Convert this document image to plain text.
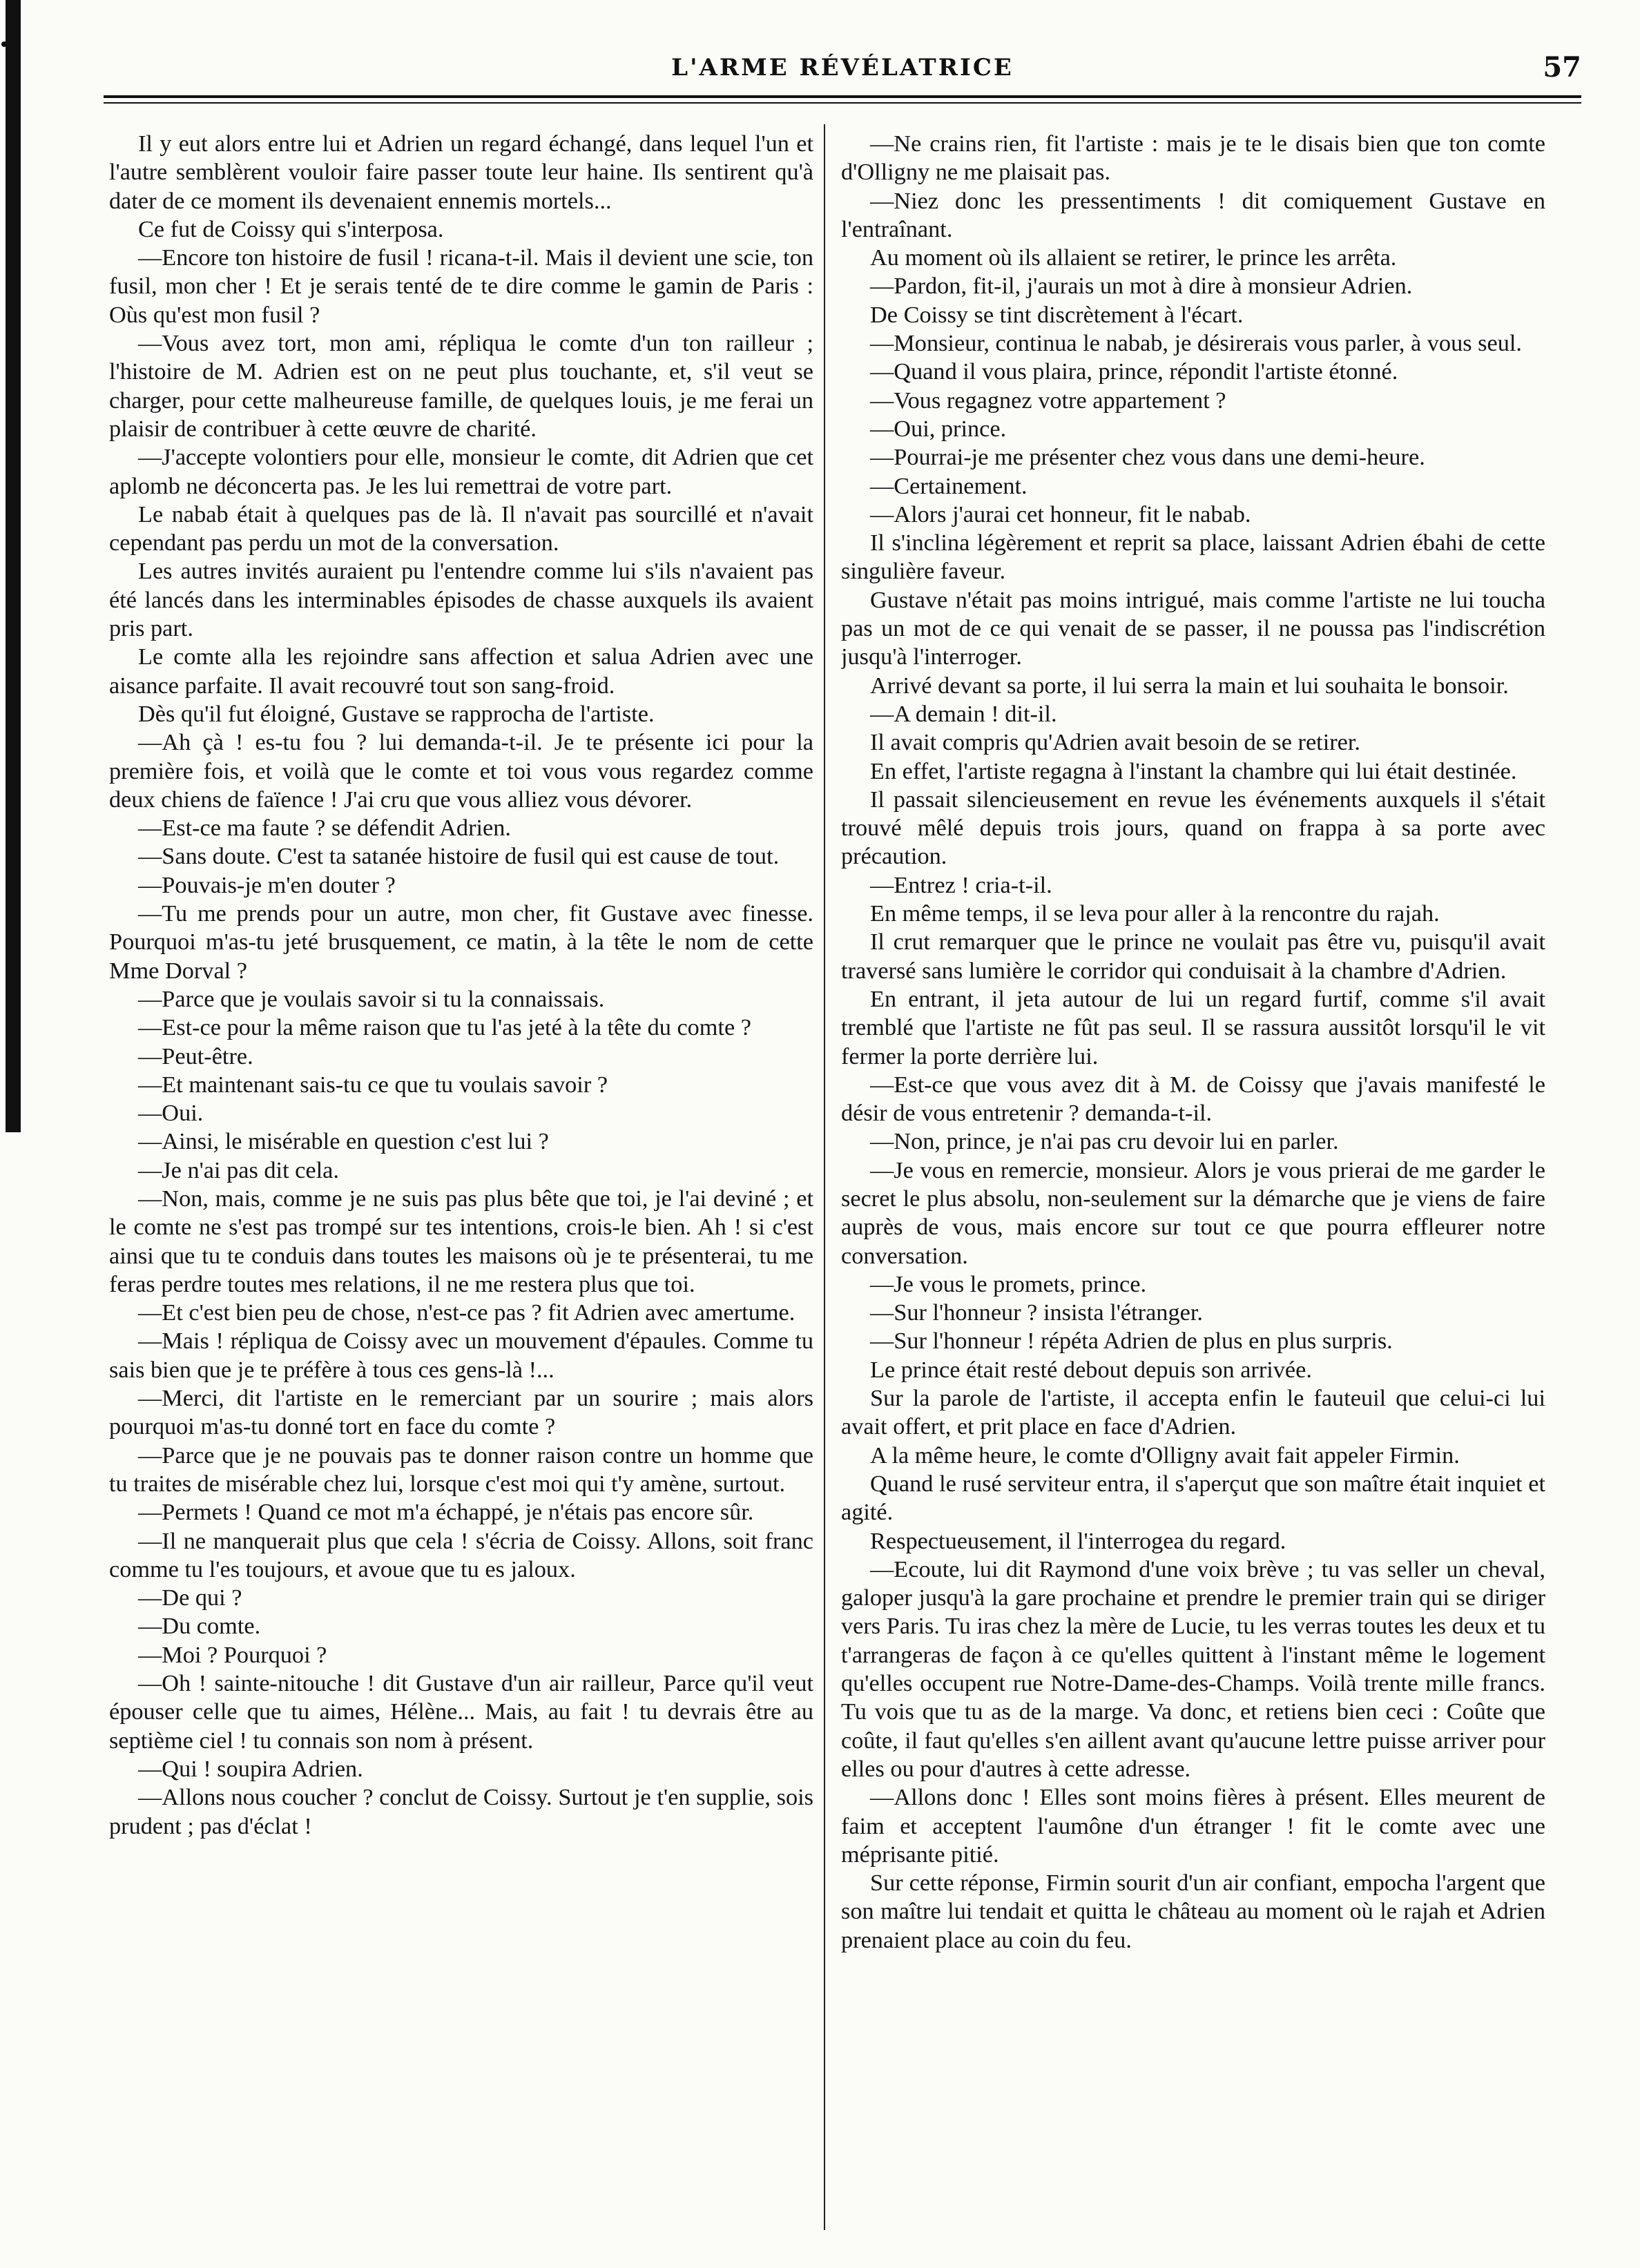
L'ARME RÉVÉLATRICE	57

Il y eut alors entre lui et Adrien un regard échangé, dans lequel l'un et l'autre semblèrent vouloir faire passer toute leur haine. Ils sentirent qu'à dater de ce moment ils devenaient ennemis mortels...

Ce fut de Coissy qui s'interposa.

—Encore ton histoire de fusil ! ricana-t-il. Mais il devient une scie, ton fusil, mon cher ! Et je serais tenté de te dire comme le gamin de Paris : Oùs qu'est mon fusil ?

—Vous avez tort, mon ami, répliqua le comte d'un ton railleur ; l'histoire de M. Adrien est on ne peut plus touchante, et, s'il veut se charger, pour cette malheureuse famille, de quelques louis, je me ferai un plaisir de contribuer à cette œuvre de charité.

—J'accepte volontiers pour elle, monsieur le comte, dit Adrien que cet aplomb ne déconcerta pas. Je les lui remettrai de votre part.

Le nabab était à quelques pas de là. Il n'avait pas sourcillé et n'avait cependant pas perdu un mot de la conversation.

Les autres invités auraient pu l'entendre comme lui s'ils n'avaient pas été lancés dans les interminables épisodes de chasse auxquels ils avaient pris part.

Le comte alla les rejoindre sans affection et salua Adrien avec une aisance parfaite. Il avait recouvré tout son sang-froid.

Dès qu'il fut éloigné, Gustave se rapprocha de l'artiste.

—Ah çà ! es-tu fou ? lui demanda-t-il. Je te présente ici pour la première fois, et voilà que le comte et toi vous vous regardez comme deux chiens de faïence ! J'ai cru que vous alliez vous dévorer.

—Est-ce ma faute ? se défendit Adrien.

—Sans doute. C'est ta satanée histoire de fusil qui est cause de tout.

—Pouvais-je m'en douter ?

—Tu me prends pour un autre, mon cher, fit Gustave avec finesse. Pourquoi m'as-tu jeté brusquement, ce matin, à la tête le nom de cette Mme Dorval ?

—Parce que je voulais savoir si tu la connaissais.

—Est-ce pour la même raison que tu l'as jeté à la tête du comte ?

—Peut-être.

—Et maintenant sais-tu ce que tu voulais savoir ?

—Oui.

—Ainsi, le misérable en question c'est lui ?

—Je n'ai pas dit cela.

—Non, mais, comme je ne suis pas plus bête que toi, je l'ai deviné ; et le comte ne s'est pas trompé sur tes intentions, crois-le bien. Ah ! si c'est ainsi que tu te conduis dans toutes les maisons où je te présenterai, tu me feras perdre toutes mes relations, il ne me restera plus que toi.

—Et c'est bien peu de chose, n'est-ce pas ? fit Adrien avec amertume.

—Mais ! répliqua de Coissy avec un mouvement d'épaules. Comme tu sais bien que je te préfère à tous ces gens-là !...

—Merci, dit l'artiste en le remerciant par un sourire ; mais alors pourquoi m'as-tu donné tort en face du comte ?

—Parce que je ne pouvais pas te donner raison contre un homme que tu traites de misérable chez lui, lorsque c'est moi qui t'y amène, surtout.

—Permets ! Quand ce mot m'a échappé, je n'étais pas encore sûr.

—Il ne manquerait plus que cela ! s'écria de Coissy. Allons, soit franc comme tu l'es toujours, et avoue que tu es jaloux.

—De qui ?

—Du comte.

—Moi ? Pourquoi ?

—Oh ! sainte-nitouche ! dit Gustave d'un air railleur, Parce qu'il veut épouser celle que tu aimes, Hélène... Mais, au fait ! tu devrais être au septième ciel ! tu connais son nom à présent.

—Qui ! soupira Adrien.

—Allons nous coucher ? conclut de Coissy. Surtout je t'en supplie, sois prudent ; pas d'éclat !

—Ne crains rien, fit l'artiste : mais je te le disais bien que ton comte d'Olligny ne me plaisait pas.

—Niez donc les pressentiments ! dit comiquement Gustave en l'entraînant.

Au moment où ils allaient se retirer, le prince les arrêta.

—Pardon, fit-il, j'aurais un mot à dire à monsieur Adrien.

De Coissy se tint discrètement à l'écart.

—Monsieur, continua le nabab, je désirerais vous parler, à vous seul.

—Quand il vous plaira, prince, répondit l'artiste étonné.

—Vous regagnez votre appartement ?

—Oui, prince.

—Pourrai-je me présenter chez vous dans une demi-heure.

—Certainement.

—Alors j'aurai cet honneur, fit le nabab.

Il s'inclina légèrement et reprit sa place, laissant Adrien ébahi de cette singulière faveur.

Gustave n'était pas moins intrigué, mais comme l'artiste ne lui toucha pas un mot de ce qui venait de se passer, il ne poussa pas l'indiscrétion jusqu'à l'interroger.

Arrivé devant sa porte, il lui serra la main et lui souhaita le bonsoir.

—A demain ! dit-il.

Il avait compris qu'Adrien avait besoin de se retirer.

En effet, l'artiste regagna à l'instant la chambre qui lui était destinée.

Il passait silencieusement en revue les événements auxquels il s'était trouvé mêlé depuis trois jours, quand on frappa à sa porte avec précaution.

—Entrez ! cria-t-il.

En même temps, il se leva pour aller à la rencontre du rajah.

Il crut remarquer que le prince ne voulait pas être vu, puisqu'il avait traversé sans lumière le corridor qui conduisait à la chambre d'Adrien.

En entrant, il jeta autour de lui un regard furtif, comme s'il avait tremblé que l'artiste ne fût pas seul. Il se rassura aussitôt lorsqu'il le vit fermer la porte derrière lui.

—Est-ce que vous avez dit à M. de Coissy que j'avais manifesté le désir de vous entretenir ? demanda-t-il.

—Non, prince, je n'ai pas cru devoir lui en parler.

—Je vous en remercie, monsieur. Alors je vous prierai de me garder le secret le plus absolu, non-seulement sur la démarche que je viens de faire auprès de vous, mais encore sur tout ce que pourra effleurer notre conversation.

—Je vous le promets, prince.

—Sur l'honneur ? insista l'étranger.

—Sur l'honneur ! répéta Adrien de plus en plus surpris.

Le prince était resté debout depuis son arrivée.

Sur la parole de l'artiste, il accepta enfin le fauteuil que celui-ci lui avait offert, et prit place en face d'Adrien.

A la même heure, le comte d'Olligny avait fait appeler Firmin.

Quand le rusé serviteur entra, il s'aperçut que son maître était inquiet et agité.

Respectueusement, il l'interrogea du regard.

—Ecoute, lui dit Raymond d'une voix brève ; tu vas seller un cheval, galoper jusqu'à la gare prochaine et prendre le premier train qui se diriger vers Paris. Tu iras chez la mère de Lucie, tu les verras toutes les deux et tu t'arrangeras de façon à ce qu'elles quittent à l'instant même le logement qu'elles occupent rue Notre-Dame-des-Champs. Voilà trente mille francs. Tu vois que tu as de la marge. Va donc, et retiens bien ceci : Coûte que coûte, il faut qu'elles s'en aillent avant qu'aucune lettre puisse arriver pour elles ou pour d'autres à cette adresse.

—Allons donc ! Elles sont moins fières à présent. Elles meurent de faim et acceptent l'aumône d'un étranger ! fit le comte avec une méprisante pitié.

Sur cette réponse, Firmin sourit d'un air confiant, empocha l'argent que son maître lui tendait et quitta le château au moment où le rajah et Adrien prenaient place au coin du feu.
